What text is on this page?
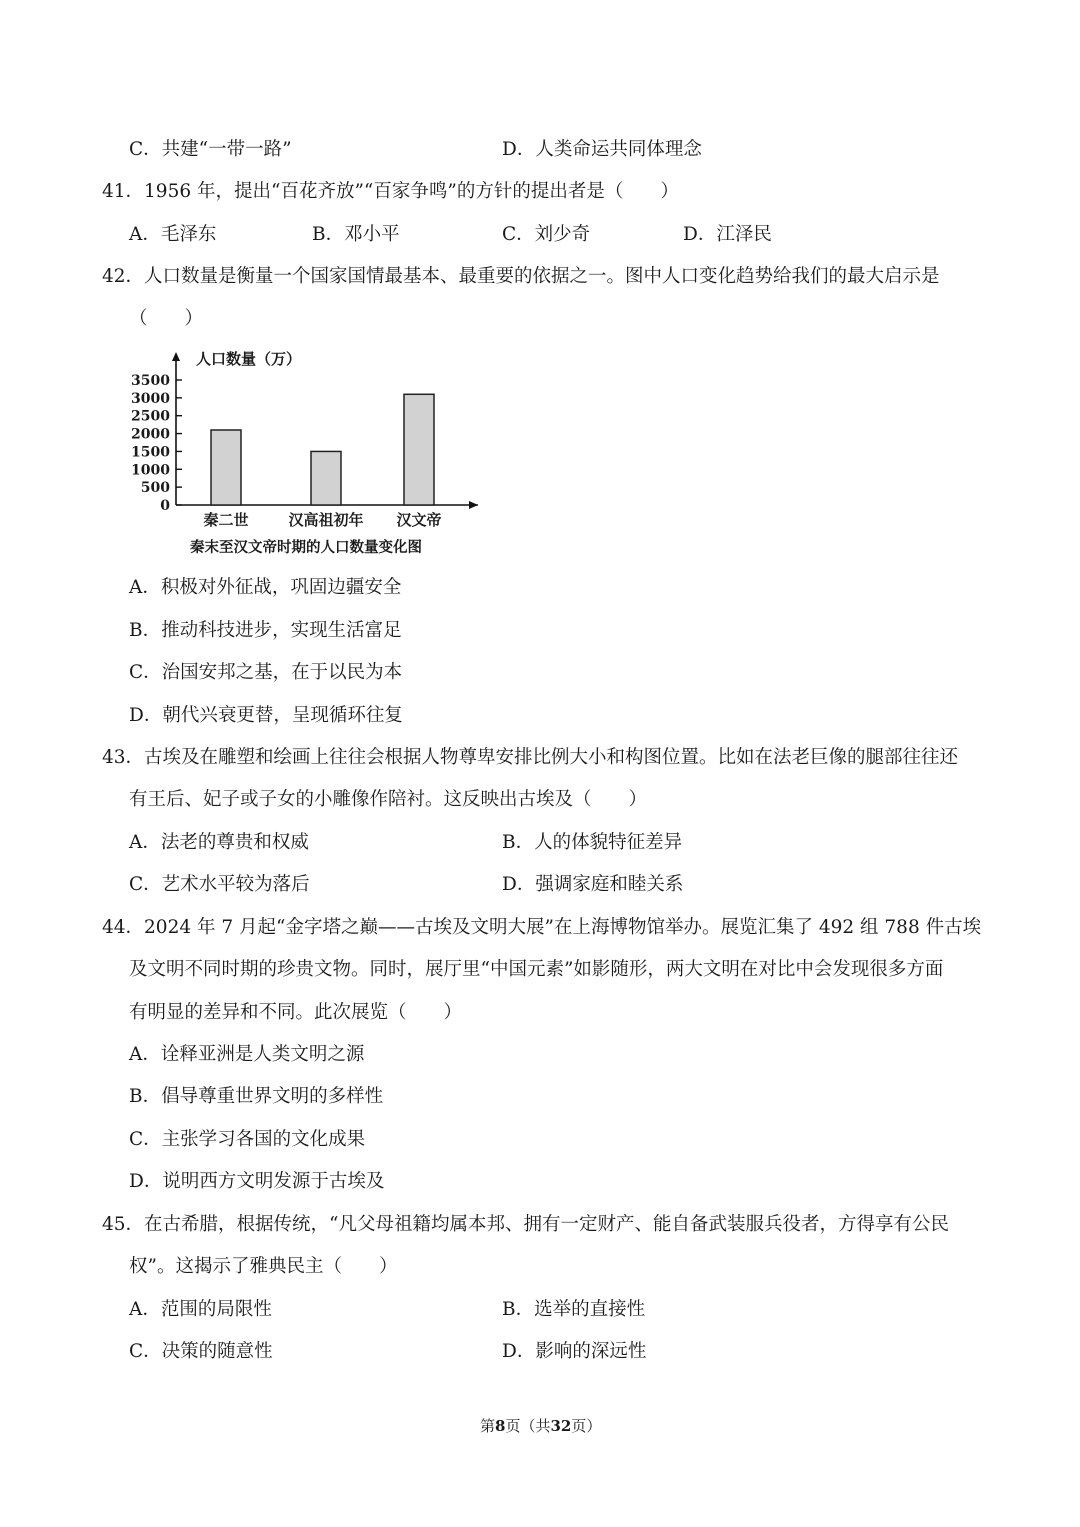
C．共建“一带一路”	D．人类命运共同体理念
41．1956 年，提出“百花齐放”“百家争鸣”的方针的提出者是（　　）
A．毛泽东	B．邓小平	C．刘少奇	D．江泽民
42．人口数量是衡量一个国家国情最基本、最重要的依据之一。图中人口变化趋势给我们的最大启示是
（　　）
人口数量（万）
0
500
1000
1500
2000
2500
3000
3500
秦二世	汉高祖初年 汉文帝
秦末至汉文帝时期的人口数量变化图
A．积极对外征战，巩固边疆安全
B．推动科技进步，实现生活富足
C．治国安邦之基，在于以民为本
D．朝代兴衰更替，呈现循环往复
43．古埃及在雕塑和绘画上往往会根据人物尊卑安排比例大小和构图位置。比如在法老巨像的腿部往往还
有王后、妃子或子女的小雕像作陪衬。这反映出古埃及（　　）
A．法老的尊贵和权威	B．人的体貌特征差异
C．艺术水平较为落后	D．强调家庭和睦关系
44．2024 年 7 月起“金字塔之巅——古埃及文明大展”在上海博物馆举办。展览汇集了 492 组 788 件古埃
及文明不同时期的珍贵文物。同时，展厅里“中国元素”如影随形，两大文明在对比中会发现很多方面
有明显的差异和不同。此次展览（　　）
A．诠释亚洲是人类文明之源
B．倡导尊重世界文明的多样性
C．主张学习各国的文化成果
D．说明西方文明发源于古埃及
45．在古希腊，根据传统，“凡父母祖籍均属本邦、拥有一定财产、能自备武装服兵役者，方得享有公民
权”。这揭示了雅典民主（　　）
A．范围的局限性	B．选举的直接性
C．决策的随意性	D．影响的深远性
第8页（共32页）
